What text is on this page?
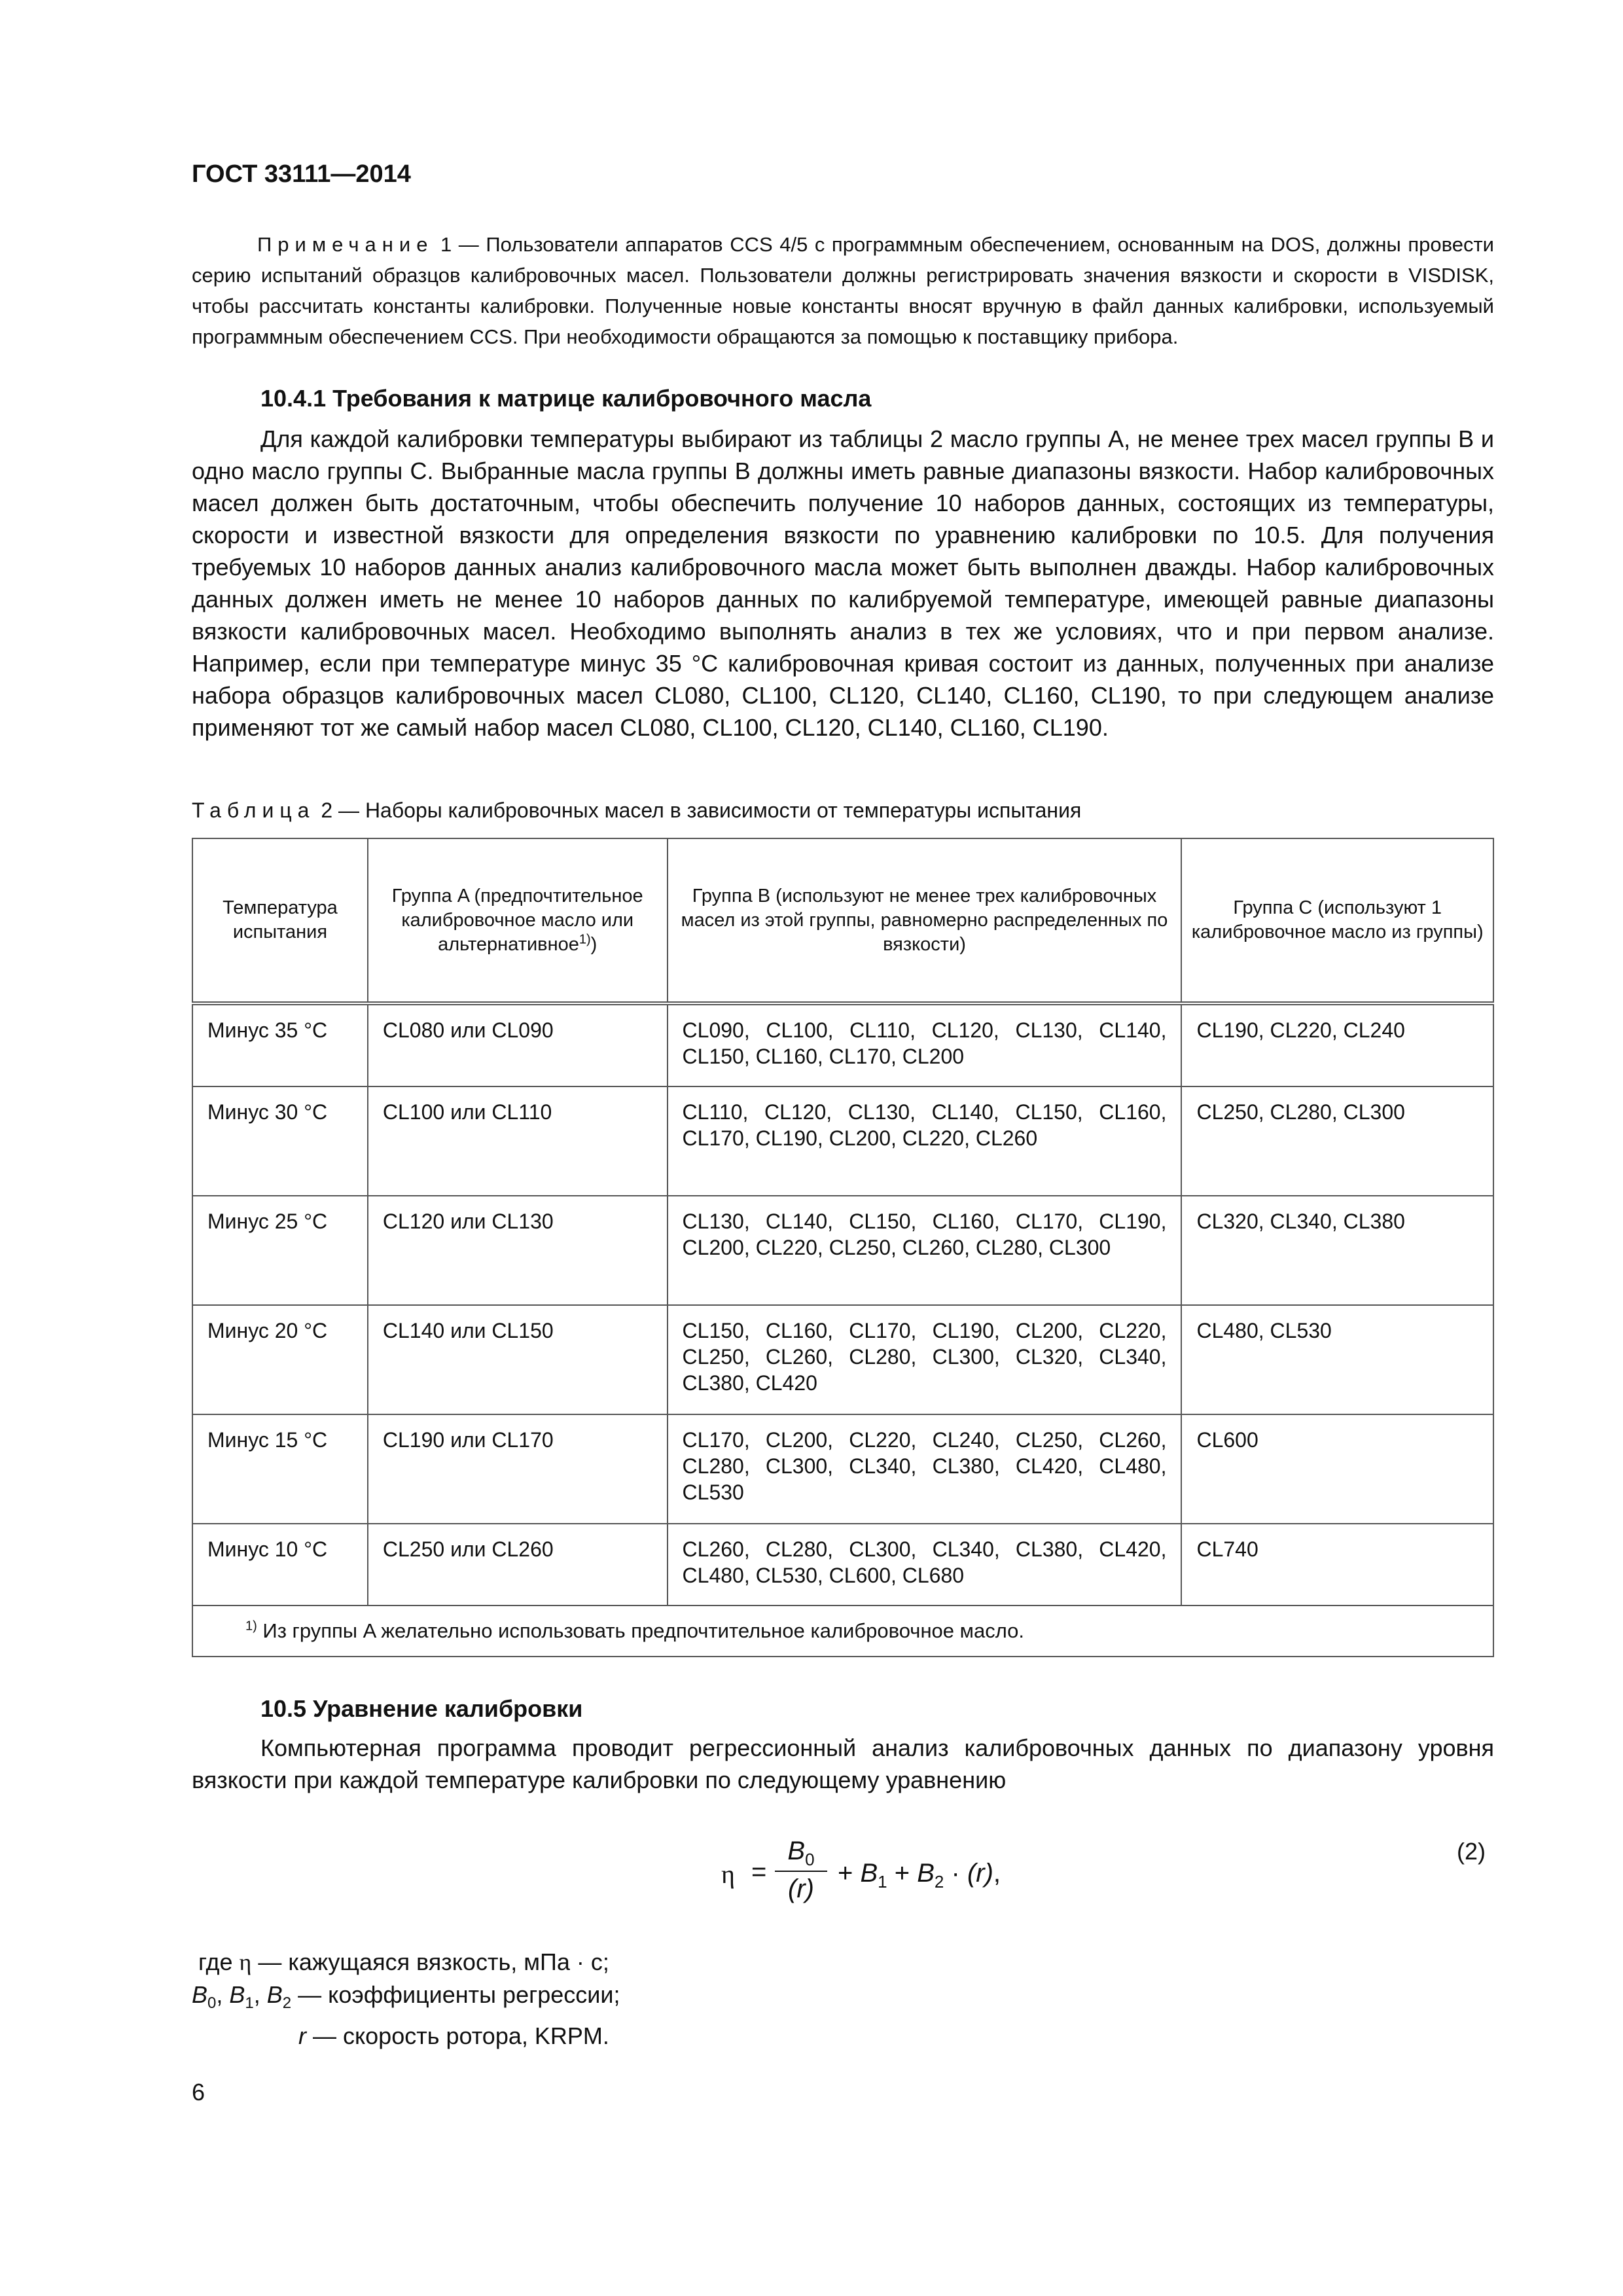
ГОСТ 33111—2014
Примечание 1 — Пользователи аппаратов CCS 4/5 с программным обеспечением, основанным на DOS, должны провести серию испытаний образцов калибровочных масел. Пользователи должны регистрировать значения вязкости и скорости в VISDISK, чтобы рассчитать константы калибровки. Полученные новые константы вносят вручную в файл данных калибровки, используемый программным обеспечением CCS. При необходимости обращаются за помощью к поставщику прибора.
10.4.1 Требования к матрице калибровочного масла
Для каждой калибровки температуры выбирают из таблицы 2 масло группы A, не менее трех масел группы B и одно масло группы C. Выбранные масла группы B должны иметь равные диапазоны вязкости. Набор калибровочных масел должен быть достаточным, чтобы обеспечить получение 10 наборов данных, состоящих из температуры, скорости и известной вязкости для определения вязкости по уравнению калибровки по 10.5. Для получения требуемых 10 наборов данных анализ калибровочного масла может быть выполнен дважды. Набор калибровочных данных должен иметь не менее 10 наборов данных по калибруемой температуре, имеющей равные диапазоны вязкости калибровочных масел. Необходимо выполнять анализ в тех же условиях, что и при первом анализе. Например, если при температуре минус 35 °C калибровочная кривая состоит из данных, полученных при анализе набора образцов калибровочных масел CL080, CL100, CL120, CL140, CL160, CL190, то при следующем анализе применяют тот же самый набор масел CL080, CL100, CL120, CL140, CL160, CL190.
Таблица 2 — Наборы калибровочных масел в зависимости от температуры испытания
Температура испытания	Группа A (предпочтительное калибровочное масло или альтернативное$^{1)}$)	Группа B (используют не менее трех калибровочных масел из этой группы, равномерно распределенных по вязкости)	Группа C (используют 1 калибровочное масло из группы)
Минус 35 °C	CL080 или CL090	CL090, CL100, CL110, CL120, CL130, CL140, CL150, CL160, CL170, CL200	CL190, CL220, CL240
Минус 30 °C	CL100 или CL110	CL110, CL120, CL130, CL140, CL150, CL160, CL170, CL190, CL200, CL220, CL260	CL250, CL280, CL300
Минус 25 °C	CL120 или CL130	CL130, CL140, CL150, CL160, CL170, CL190, CL200, CL220, CL250, CL260, CL280, CL300	CL320, CL340, CL380
Минус 20 °C	CL140 или CL150	CL150, CL160, CL170, CL190, CL200, CL220, CL250, CL260, CL280, CL300, CL320, CL340, CL380, CL420	CL480, CL530
Минус 15 °C	CL190 или CL170	CL170, CL200, CL220, CL240, CL250, CL260, CL280, CL300, CL340, CL380, CL420, CL480, CL530	CL600
Минус 10 °C	CL250 или CL260	CL260, CL280, CL300, CL340, CL380, CL420, CL480, CL530, CL600, CL680	CL740
$^{1)}$ Из группы A желательно использовать предпочтительное калибровочное масло.			
10.5 Уравнение калибровки
Компьютерная программа проводит регрессионный анализ калибровочных данных по диапазону уровня вязкости при каждой температуре калибровки по следующему уравнению
η =
$B_0$
(r)
+ $B_1 + B_2 \cdot (r)$,
(2)
где η — кажущаяся вязкость, мПа · с;
$B_0$, $B_1$, $B_2$ — коэффициенты регрессии;
r — скорость ротора, KRPM.
6
